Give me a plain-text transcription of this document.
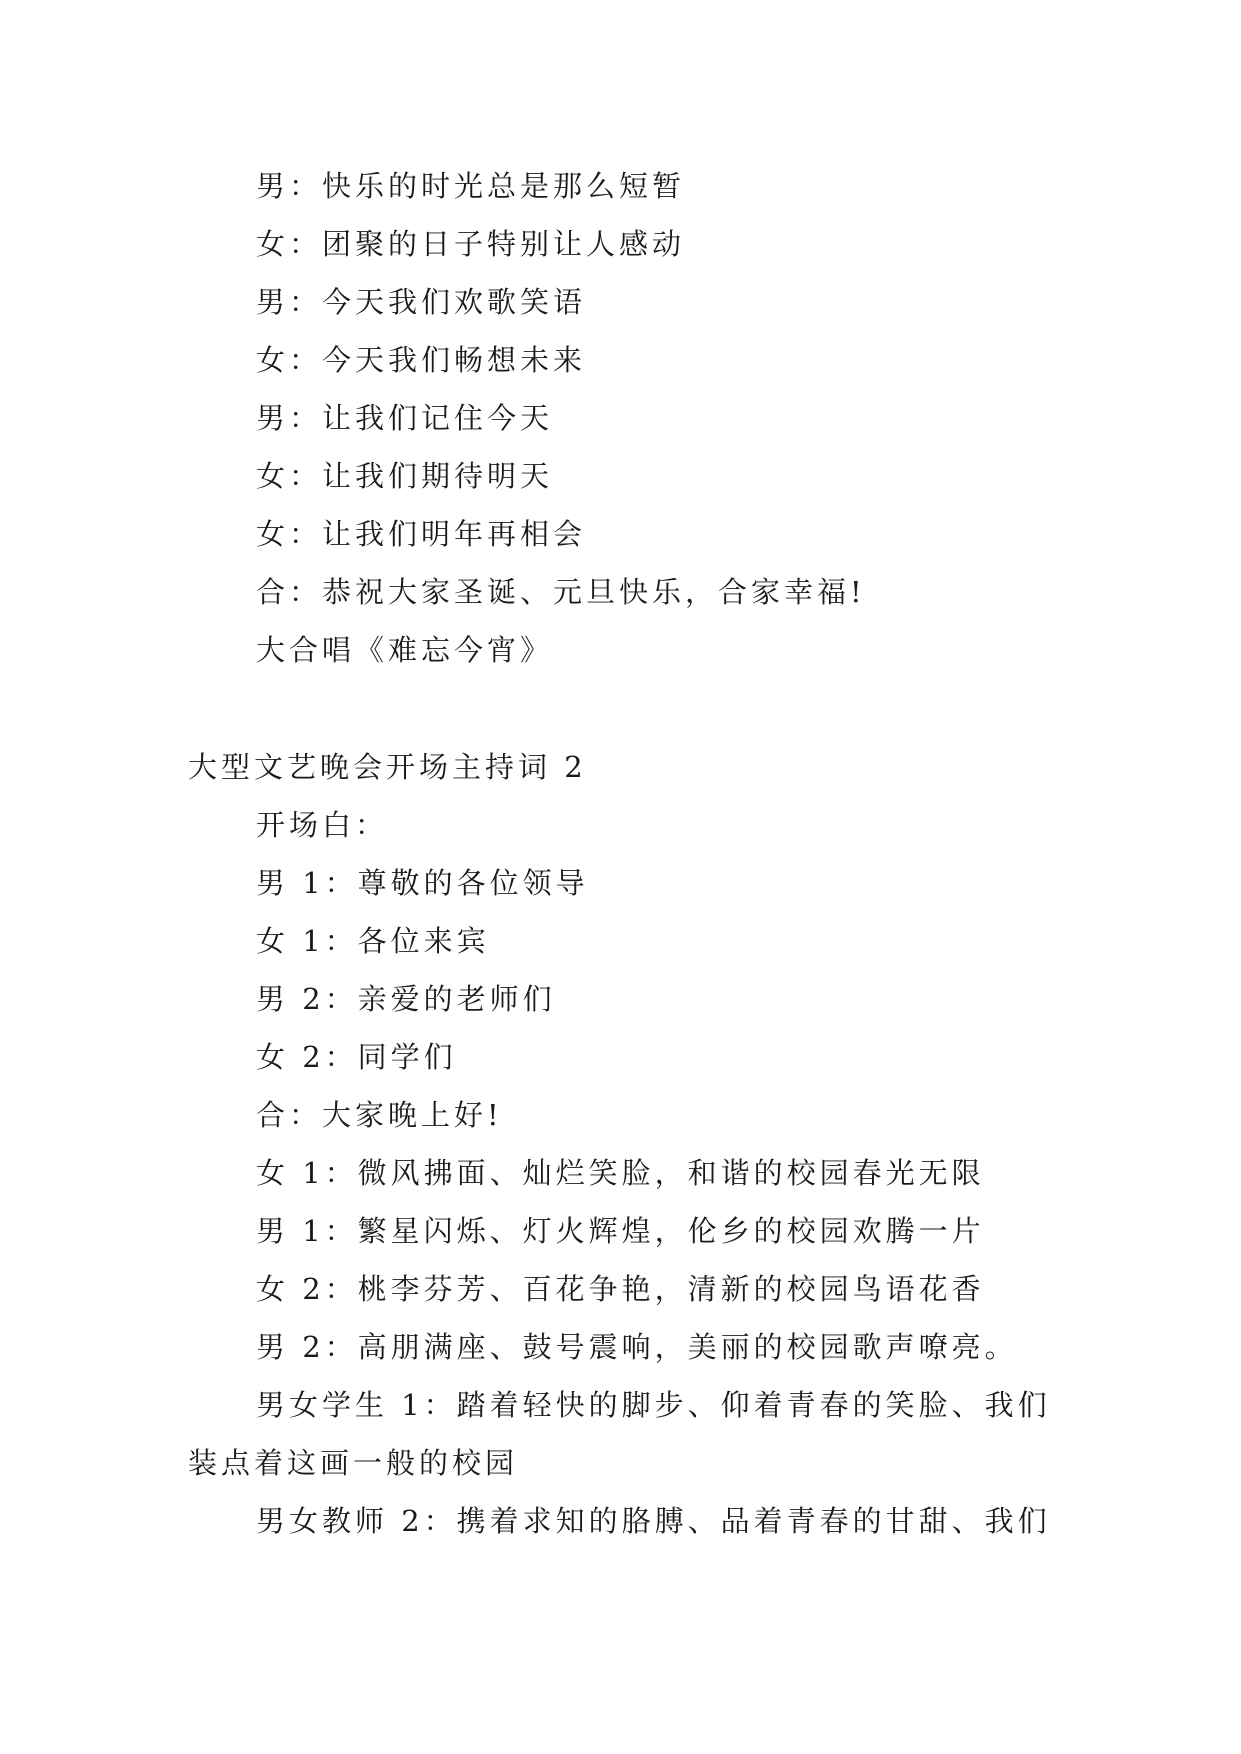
男：快乐的时光总是那么短暂
女：团聚的日子特别让人感动
男：今天我们欢歌笑语
女：今天我们畅想未来
男：让我们记住今天
女：让我们期待明天
女：让我们明年再相会
合：恭祝大家圣诞、元旦快乐，合家幸福!
大合唱《难忘今宵》
大型文艺晚会开场主持词 2
开场白：
男 1：尊敬的各位领导
女 1：各位来宾
男 2：亲爱的老师们
女 2：同学们
合：大家晚上好!
女 1：微风拂面、灿烂笑脸，和谐的校园春光无限
男 1：繁星闪烁、灯火辉煌，伦乡的校园欢腾一片
女 2：桃李芬芳、百花争艳，清新的校园鸟语花香
男 2：高朋满座、鼓号震响，美丽的校园歌声嘹亮。
男女学生 1：踏着轻快的脚步、仰着青春的笑脸、我们
装点着这画一般的校园
男女教师 2：携着求知的胳膊、品着青春的甘甜、我们
